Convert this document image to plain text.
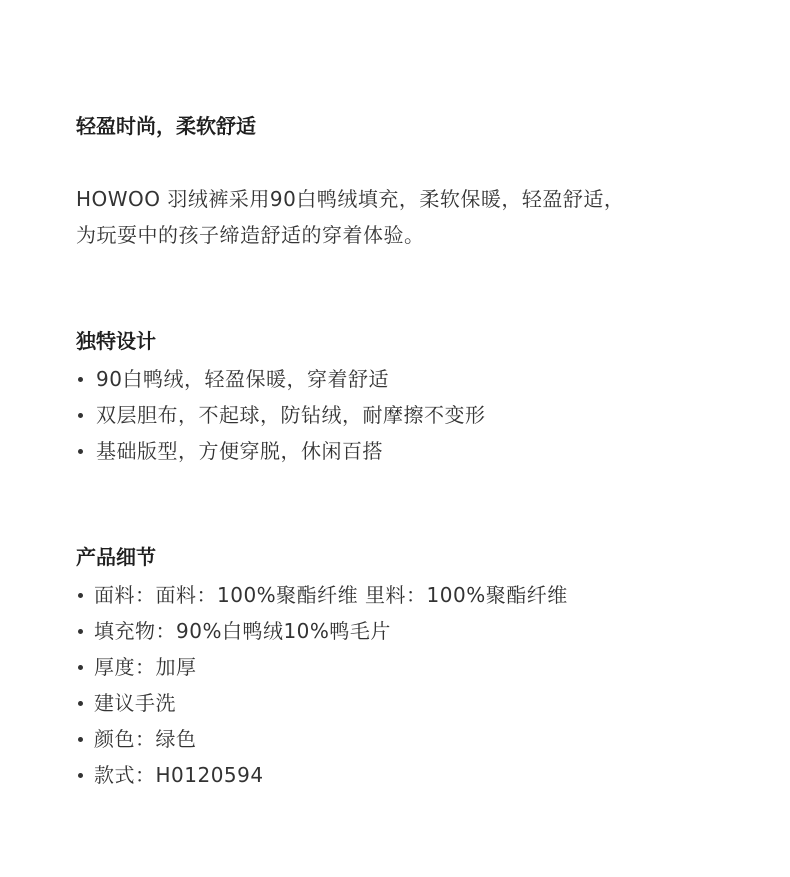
轻盈时尚，柔软舒适

HOWOO 羽绒裤采用90白鸭绒填充，柔软保暖，轻盈舒适，

为玩耍中的孩子缔造舒适的穿着体验。

独特设计
90白鸭绒，轻盈保暖，穿着舒适
双层胆布，不起球，防钻绒，耐摩擦不变形
基础版型，方便穿脱，休闲百搭
产品细节
面料：面料：100%聚酯纤维 里料：100%聚酯纤维
填充物：90%白鸭绒10%鸭毛片
厚度：加厚
建议手洗
颜色：绿色
款式：H0120594
